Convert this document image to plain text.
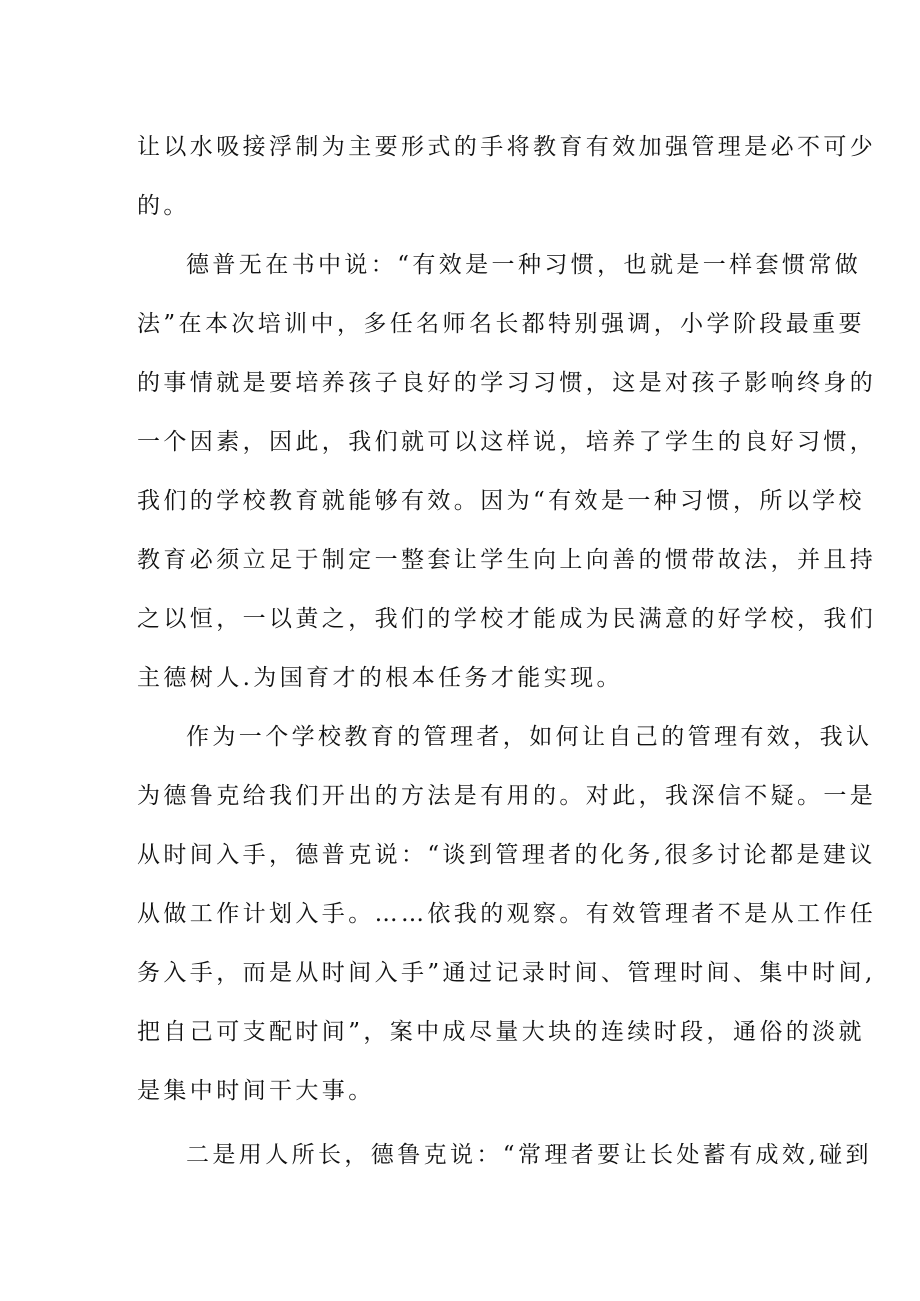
让以水吸接浮制为主要形式的手将教育有效加强管理是必不可少
的。
德普无在书中说：“有效是一种习惯，也就是一样套惯常做
法”在本次培训中，多任名师名长都特别强调，小学阶段最重要
的事情就是要培养孩子良好的学习习惯，这是对孩子影响终身的
一个因素，因此，我们就可以这样说，培养了学生的良好习惯，
我们的学校教育就能够有效。因为“有效是一种习惯，所以学校
教育必须立足于制定一整套让学生向上向善的惯带故法，并且持
之以恒，一以黄之，我们的学校才能成为民满意的好学校，我们
主德树人.为国育才的根本任务才能实现。
作为一个学校教育的管理者，如何让自己的管理有效，我认
为德鲁克给我们开出的方法是有用的。对此，我深信不疑。一是
从时间入手，德普克说：“谈到管理者的化务,很多讨论都是建议
从做工作计划入手。……依我的观察。有效管理者不是从工作任
务入手，而是从时间入手”通过记录时间、管理时间、集中时间,
把自己可支配时间”，案中成尽量大块的连续时段，通俗的淡就
是集中时间干大事。
二是用人所长，德鲁克说：“常理者要让长处蓄有成效,碰到
